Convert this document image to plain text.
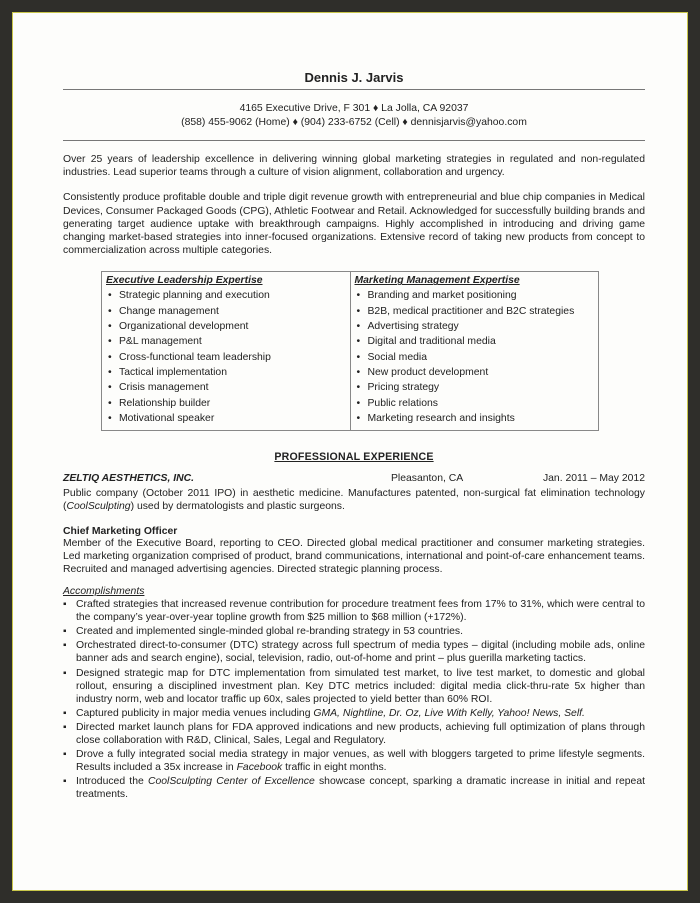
Dennis J. Jarvis
4165 Executive Drive, F 301 ♦ La Jolla, CA 92037
(858) 455-9062 (Home) ♦ (904) 233-6752 (Cell) ♦ dennisjarvis@yahoo.com

Over 25 years of leadership excellence in delivering winning global marketing strategies in regulated and non-regulated industries. Lead superior teams through a culture of vision alignment, collaboration and urgency.

Consistently produce profitable double and triple digit revenue growth with entrepreneurial and blue chip companies in Medical Devices, Consumer Packaged Goods (CPG), Athletic Footwear and Retail. Acknowledged for successfully building brands and generating target audience uptake with breakthrough campaigns. Highly accomplished in introducing and driving game changing market-based strategies into inner-focused organizations. Extensive record of taking new products from concept to commercialization across multiple categories.

Executive Leadership Expertise
• Strategic planning and execution
• Change management
• Organizational development
• P&L management
• Cross-functional team leadership
• Tactical implementation
• Crisis management
• Relationship builder
• Motivational speaker

Marketing Management Expertise
• Branding and market positioning
• B2B, medical practitioner and B2C strategies
• Advertising strategy
• Digital and traditional media
• Social media
• New product development
• Pricing strategy
• Public relations
• Marketing research and insights
PROFESSIONAL EXPERIENCE
ZELTIQ AESTHETICS, INC.	Pleasanton, CA	Jan. 2011 – May 2012

Public company (October 2011 IPO) in aesthetic medicine. Manufactures patented, non-surgical fat elimination technology (CoolSculpting) used by dermatologists and plastic surgeons.

Chief Marketing Officer

Member of the Executive Board, reporting to CEO. Directed global medical practitioner and consumer marketing strategies. Led marketing organization comprised of product, brand communications, international and point-of-care enhancement teams. Recruited and managed advertising agencies. Directed strategic planning process.

Accomplishments
▪ Crafted strategies that increased revenue contribution for procedure treatment fees from 17% to 31%, which were central to the company’s year-over-year topline growth from $25 million to $68 million (+172%).
▪ Created and implemented single-minded global re-branding strategy in 53 countries.
▪ Orchestrated direct-to-consumer (DTC) strategy across full spectrum of media types – digital (including mobile ads, online banner ads and search engine), social, television, radio, out-of-home and print – plus guerilla marketing tactics.
▪ Designed strategic map for DTC implementation from simulated test market, to live test market, to domestic and global rollout, ensuring a disciplined investment plan. Key DTC metrics included: digital media click-thru-rate 5x higher than industry norm, web and locator traffic up 60x, sales projected to yield better than 60% ROI.
▪ Captured publicity in major media venues including GMA, Nightline, Dr. Oz, Live With Kelly, Yahoo! News, Self.
▪ Directed market launch plans for FDA approved indications and new products, achieving full optimization of plans through close collaboration with R&D, Clinical, Sales, Legal and Regulatory.
▪ Drove a fully integrated social media strategy in major venues, as well with bloggers targeted to prime lifestyle segments. Results included a 35x increase in Facebook traffic in eight months.
▪ Introduced the CoolSculpting Center of Excellence showcase concept, sparking a dramatic increase in initial and repeat treatments.
